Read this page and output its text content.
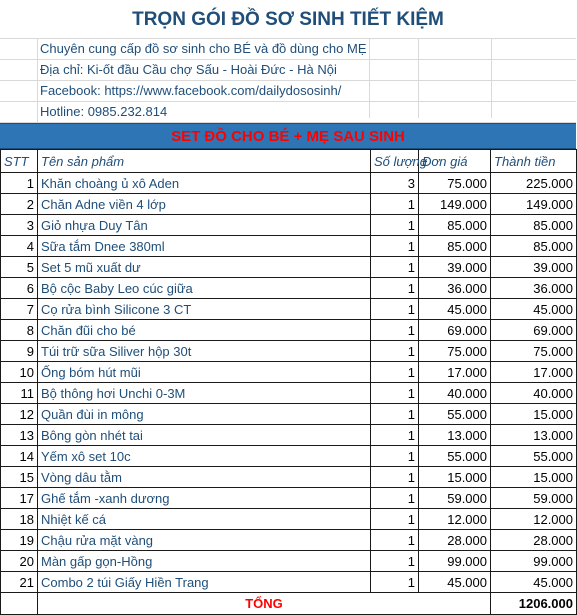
TRỌN GÓI ĐỒ SƠ SINH TIẾT KIỆM
Chuyên cung cấp đồ sơ sinh cho BÉ và đồ dùng cho MẸ
Địa chỉ: Ki-ốt đầu Cầu chợ Sấu - Hoài Đức - Hà Nội
Facebook: https://www.facebook.com/dailydososinh/
Hotline: 0985.232.814
SET ĐỒ CHO BÉ + MẸ SAU SINH
STT	Tên sản phẩm	Số lượng	Đơn giá	Thành tiền
1	Khăn choàng ủ xô Aden	3	75.000	225.000
2	Chăn Adne viền 4 lớp	1	149.000	149.000
3	Giỏ nhựa Duy Tân	1	85.000	85.000
4	Sữa tắm Dnee 380ml	1	85.000	85.000
5	Set 5 mũ xuất dư	1	39.000	39.000
6	Bộ cộc Baby Leo cúc giữa	1	36.000	36.000
7	Cọ rửa bình Silicone 3 CT	1	45.000	45.000
8	Chăn đũi cho bé	1	69.000	69.000
9	Túi trữ sữa Siliver hộp 30t	1	75.000	75.000
10	Ống bóm hút mũi	1	17.000	17.000
11	Bộ thông hơi Unchi 0-3M	1	40.000	40.000
12	Quần đùi in mông	1	55.000	15.000
13	Bông gòn nhét tai	1	13.000	13.000
14	Yếm xô set 10c	1	55.000	55.000
15	Vòng dâu tằm	1	15.000	15.000
17	Ghế tắm -xanh dương	1	59.000	59.000
18	Nhiệt kế cá	1	12.000	12.000
19	Chậu rửa mặt vàng	1	28.000	28.000
20	Màn gấp gọn-Hồng	1	99.000	99.000
21	Combo 2 túi Giấy Hiền Trang	1	45.000	45.000
	TỔNG			1206.000
